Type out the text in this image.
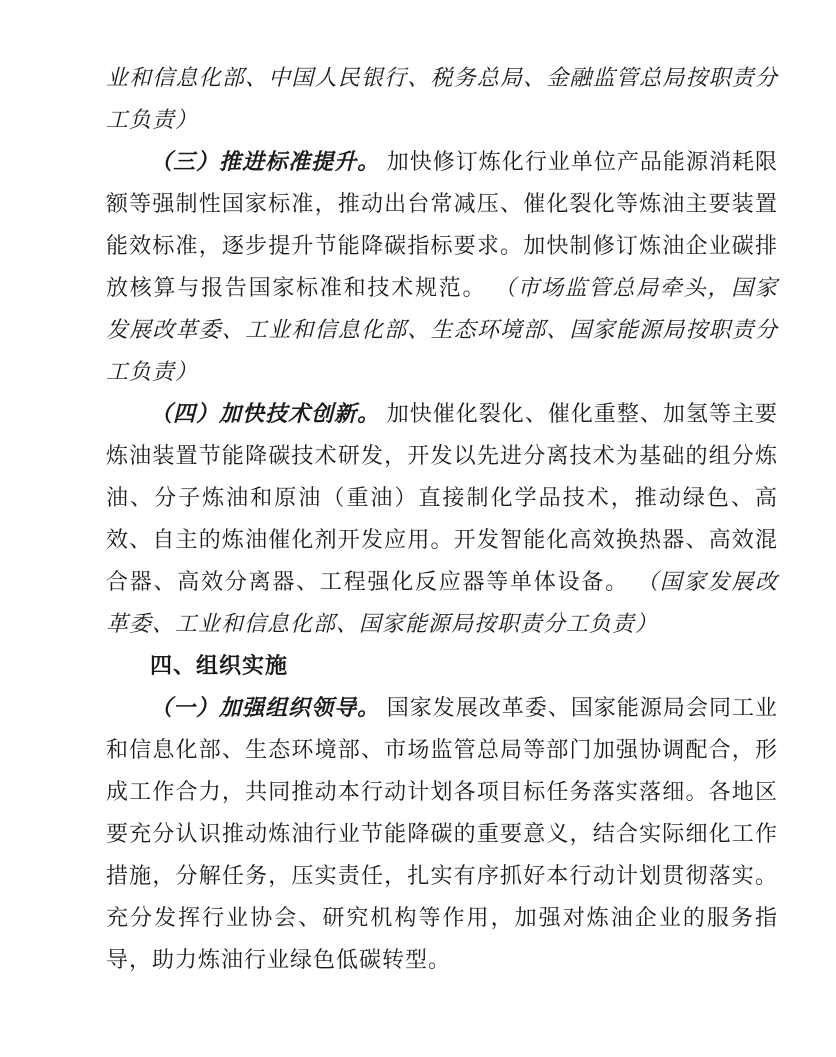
业和信息化部、中国人民银行、税务总局、金融监管总局按职责分工负责）

（三）推进标准提升。 加快修订炼化行业单位产品能源消耗限额等强制性国家标准，推动出台常减压、催化裂化等炼油主要装置能效标准，逐步提升节能降碳指标要求。加快制修订炼油企业碳排放核算与报告国家标准和技术规范。 （市场监管总局牵头，国家发展改革委、工业和信息化部、生态环境部、国家能源局按职责分工负责）

（四）加快技术创新。 加快催化裂化、催化重整、加氢等主要炼油装置节能降碳技术研发，开发以先进分离技术为基础的组分炼油、分子炼油和原油（重油）直接制化学品技术，推动绿色、高效、自主的炼油催化剂开发应用。开发智能化高效换热器、高效混合器、高效分离器、工程强化反应器等单体设备。 （国家发展改革委、工业和信息化部、国家能源局按职责分工负责）

四、组织实施

（一）加强组织领导。 国家发展改革委、国家能源局会同工业和信息化部、生态环境部、市场监管总局等部门加强协调配合，形成工作合力，共同推动本行动计划各项目标任务落实落细。各地区要充分认识推动炼油行业节能降碳的重要意义，结合实际细化工作措施，分解任务，压实责任，扎实有序抓好本行动计划贯彻落实。充分发挥行业协会、研究机构等作用，加强对炼油企业的服务指导，助力炼油行业绿色低碳转型。
